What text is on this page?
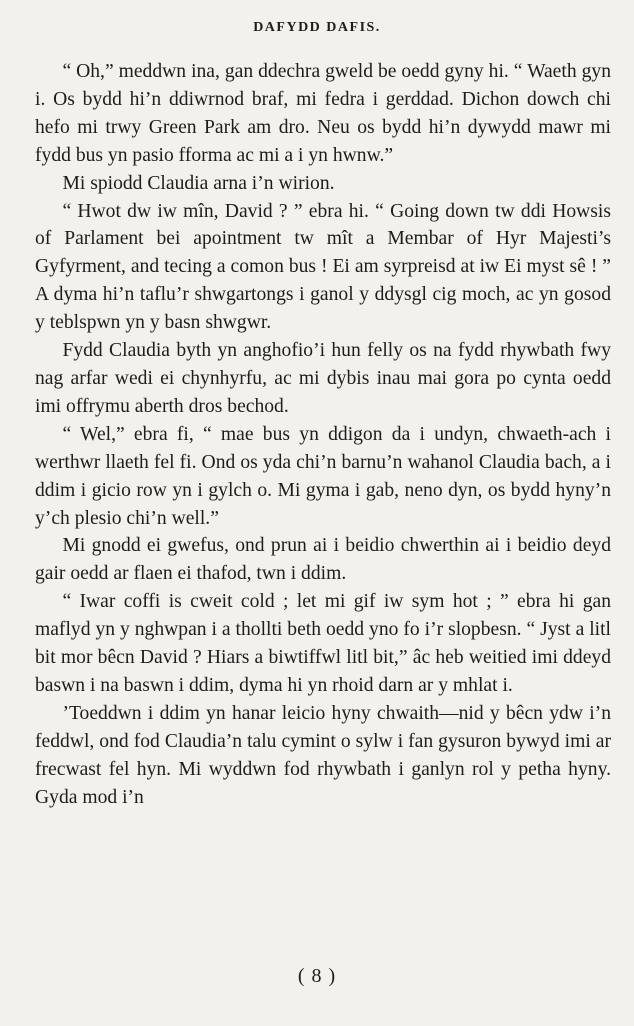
DAFYDD DAFIS.

“ Oh,” meddwn ina, gan ddechra gweld be oedd gyny hi. “ Waeth gyn i. Os bydd hi’n ddiwrnod braf, mi fedra i gerddad. Dichon dowch chi hefo mi trwy Green Park am dro. Neu os bydd hi’n dywydd mawr mi fydd bus yn pasio fforma ac mi a i yn hwnw.”

Mi spiodd Claudia arna i’n wirion.

“ Hwot dw iw mîn, David ? ” ebra hi. “ Going down tw ddi Howsis of Parlament bei apointment tw mît a Membar of Hyr Majesti’s Gyfyrment, and tecing a comon bus ! Ei am syrpreisd at iw Ei myst sê ! ” A dyma hi’n taflu’r shwgartongs i ganol y ddysgl cig moch, ac yn gosod y teblspwn yn y basn shwgwr.

Fydd Claudia byth yn anghofio’i hun felly os na fydd rhywbath fwy nag arfar wedi ei chynhyrfu, ac mi dybis inau mai gora po cynta oedd imi offrymu aberth dros bechod.

“ Wel,” ebra fi, “ mae bus yn ddigon da i undyn, chwaeth-ach i werthwr llaeth fel fi. Ond os yda chi’n barnu’n wahanol Claudia bach, a i ddim i gicio row yn i gylch o. Mi gyma i gab, neno dyn, os bydd hyny’n y’ch plesio chi’n well.”

Mi gnodd ei gwefus, ond prun ai i beidio chwerthin ai i beidio deyd gair oedd ar flaen ei thafod, twn i ddim.

“ Iwar coffi is cweit cold ; let mi gif iw sym hot ; ” ebra hi gan maflyd yn y nghwpan i a thollti beth oedd yno fo i’r slopbesn. “ Jyst a litl bit mor bêcn David ? Hiars a biwtiffwl litl bit,” âc heb weitied imi ddeyd baswn i na baswn i ddim, dyma hi yn rhoid darn ar y mhlat i.

’Toeddwn i ddim yn hanar leicio hyny chwaith—nid y bêcn ydw i’n feddwl, ond fod Claudia’n talu cymint o sylw i fan gysuron bywyd imi ar frecwast fel hyn. Mi wyddwn fod rhywbath i ganlyn rol y petha hyny. Gyda mod i’n

( 8 )
